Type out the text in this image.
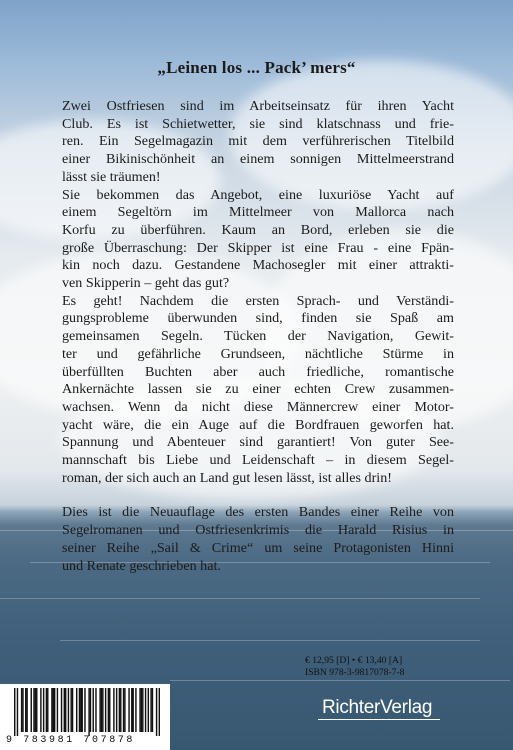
„Leinen los ... Pack’ mers“

Zwei Ostfriesen sind im Arbeitseinsatz für ihren Yacht
Club. Es ist Schietwetter, sie sind klatschnass und frie-
ren. Ein Segelmagazin mit dem verführerischen Titelbild
einer Bikinischönheit an einem sonnigen Mittelmeerstrand
lässt sie träumen!
Sie bekommen das Angebot, eine luxuriöse Yacht auf
einem Segeltörn im Mittelmeer von Mallorca nach
Korfu zu überführen. Kaum an Bord, erleben sie die
große Überraschung: Der Skipper ist eine Frau - eine Fрän-
kin noch dazu. Gestandene Machosegler mit einer attrakti-
ven Skipperin – geht das gut?
Es geht! Nachdem die ersten Sprach- und Verständi-
gungsprobleme überwunden sind, finden sie Spaß am
gemeinsamen Segeln. Tücken der Navigation, Gewit-
ter und gefährliche Grundseen, nächtliche Stürme in
überfüllten Buchten aber auch friedliche, romantische
Ankernächte lassen sie zu einer echten Crew zusammen-
wachsen. Wenn da nicht diese Männercrew einer Motor-
yacht wäre, die ein Auge auf die Bordfrauen geworfen hat.
Spannung und Abenteuer sind garantiert! Von guter See-
mannschaft bis Liebe und Leidenschaft – in diesem Segel-
roman, der sich auch an Land gut lesen lässt, ist alles drin!

Dies ist die Neuauflage des ersten Bandes einer Reihe von
Segelromanen und Ostfriesenkrimis die Harald Risius in
seiner Reihe „Sail & Crime“ um seine Protagonisten Hinni
und Renate geschrieben hat.

€ 12,95 [D] • € 13,40 [A]
ISBN 978-3-9817078-7-8
9 783981 707878
RichterVerlag
